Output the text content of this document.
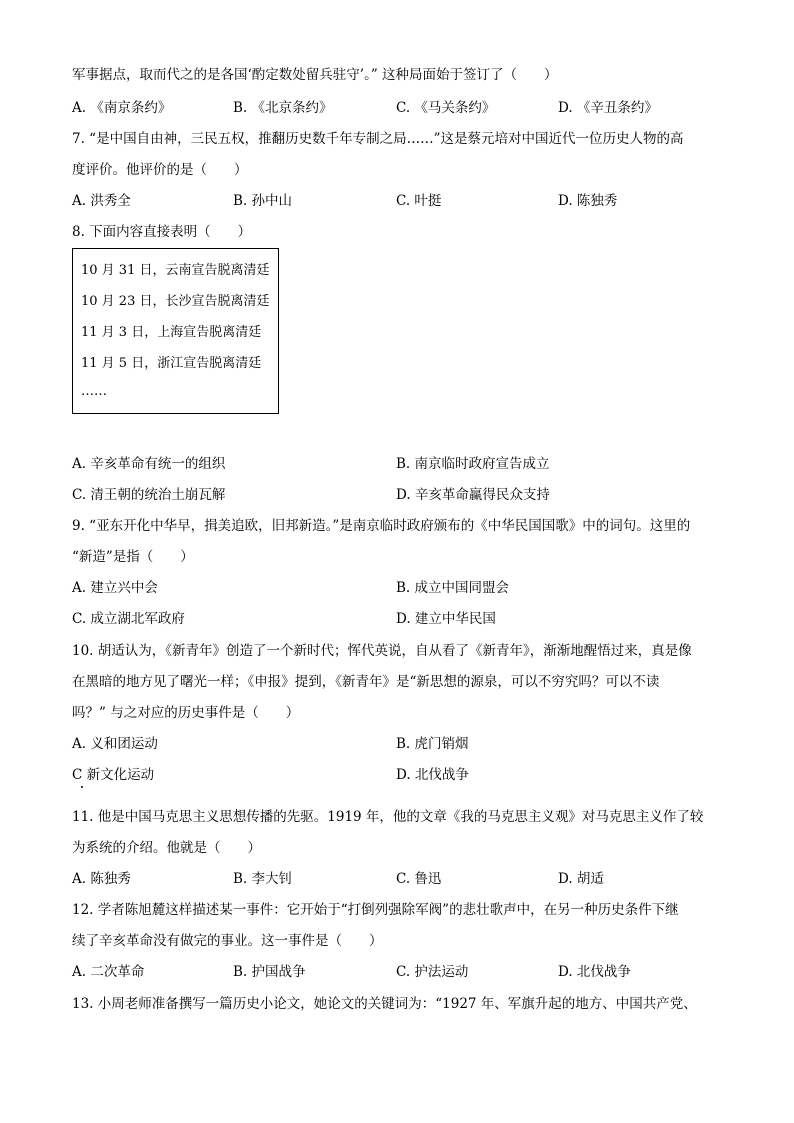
军事据点，取而代之的是各国‘酌定数处留兵驻守’。” 这种局面始于签订了（　　）
A. 《南京条约》	B. 《北京条约》	C. 《马关条约》	D. 《辛丑条约》
7. “是中国自由神，三民五权，推翻历史数千年专制之局……”这是蔡元培对中国近代一位历史人物的高
度评价。他评价的是（　　）
A. 洪秀全	B. 孙中山	C. 叶挺	D. 陈独秀
8. 下面内容直接表明（　　）
10 月 31 日，云南宣告脱离清廷
10 月 23 日，长沙宣告脱离清廷
11 月 3 日，上海宣告脱离清廷
11 月 5 日，浙江宣告脱离清廷
……
A. 辛亥革命有统一的组织	B. 南京临时政府宣告成立
C. 清王朝的统治土崩瓦解	D. 辛亥革命赢得民众支持
9. “亚东开化中华早，揖美追欧，旧邦新造。”是南京临时政府颁布的《中华民国国歌》中的词句。这里的
“新造”是指（　　）
A. 建立兴中会	B. 成立中国同盟会
C. 成立湖北军政府	D. 建立中华民国
10. 胡适认为，《新青年》创造了一个新时代；恽代英说，自从看了《新青年》，渐渐地醒悟过来，真是像
在黑暗的地方见了曙光一样；《申报》提到，《新青年》是“新思想的源泉，可以不穷究吗？可以不读
吗？” 与之对应的历史事件是（　　）
A. 义和团运动	B. 虎门销烟
C 新文化运动	D. 北伐战争
11. 他是中国马克思主义思想传播的先驱。1919 年，他的文章《我的马克思主义观》对马克思主义作了较
为系统的介绍。他就是（　　）
A. 陈独秀	B. 李大钊	C. 鲁迅	D. 胡适
12. 学者陈旭麓这样描述某一事件：它开始于“打倒列强除军阀”的悲壮歌声中，在另一种历史条件下继
续了辛亥革命没有做完的事业。这一事件是（　　）
A. 二次革命	B. 护国战争	C. 护法运动	D. 北伐战争
13. 小周老师准备撰写一篇历史小论文，她论文的关键词为：“1927 年、军旗升起的地方、中国共产党、
